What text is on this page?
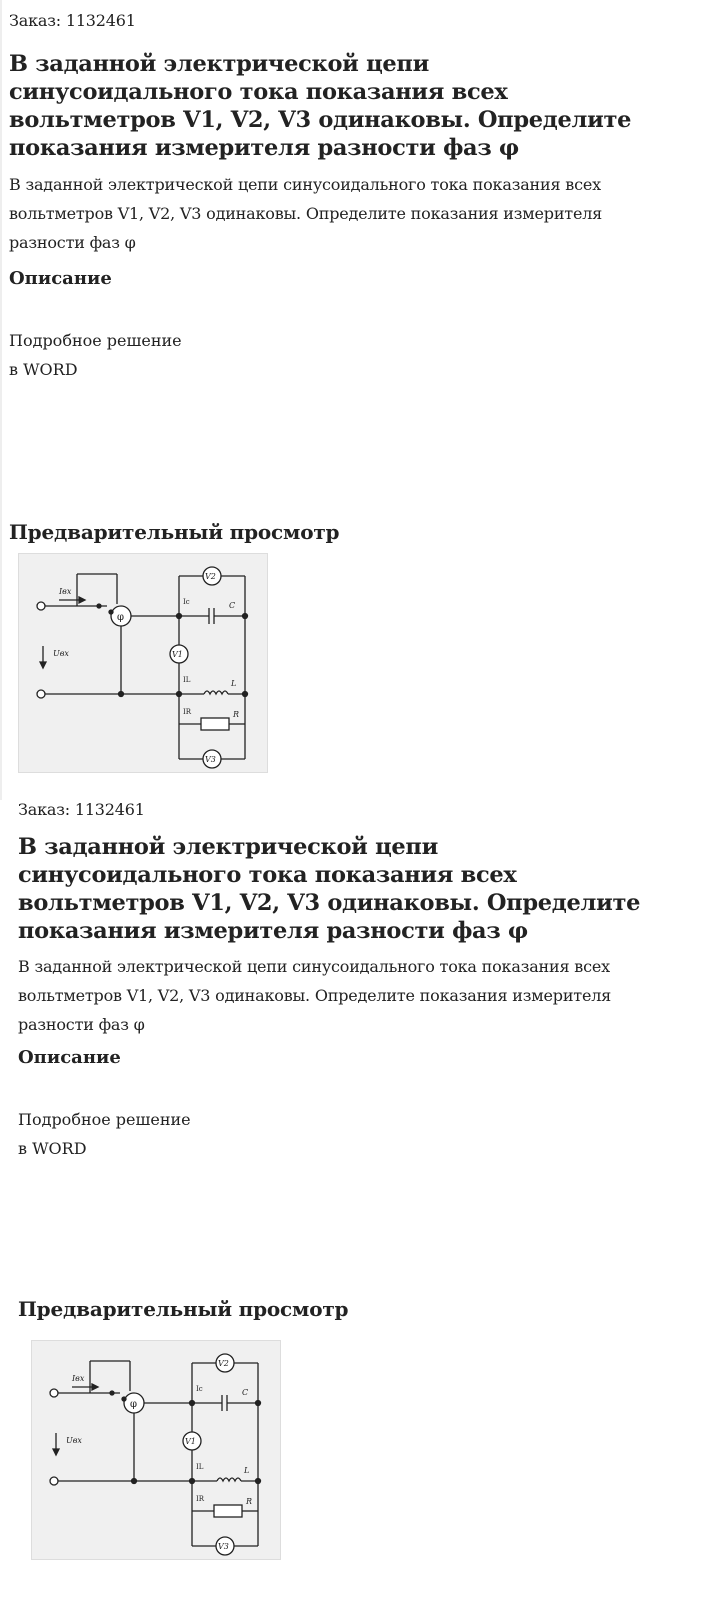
Заказ: 1132461

В заданной электрической цепи синусоидального тока показания всех вольтметров V1, V2, V3 одинаковы. Определите показания измерителя разности фаз φ

В заданной электрической цепи синусоидального тока показания всех вольтметров V1, V2, V3 одинаковы. Определите показания измерителя разности фаз φ

Описание
Подробное решение
в WORD
Предварительный просмотр
Iвх
Uвх
φ
C
Ic
V2
V1
L
IL
R
IR
V3

Заказ: 1132461

В заданной электрической цепи синусоидального тока показания всех вольтметров V1, V2, V3 одинаковы. Определите показания измерителя разности фаз φ

В заданной электрической цепи синусоидального тока показания всех вольтметров V1, V2, V3 одинаковы. Определите показания измерителя разности фаз φ

Описание
Подробное решение
в WORD
Предварительный просмотр
Iвх
Uвх
φ
C
Ic
V2
V1
L
IL
R
IR
V3
